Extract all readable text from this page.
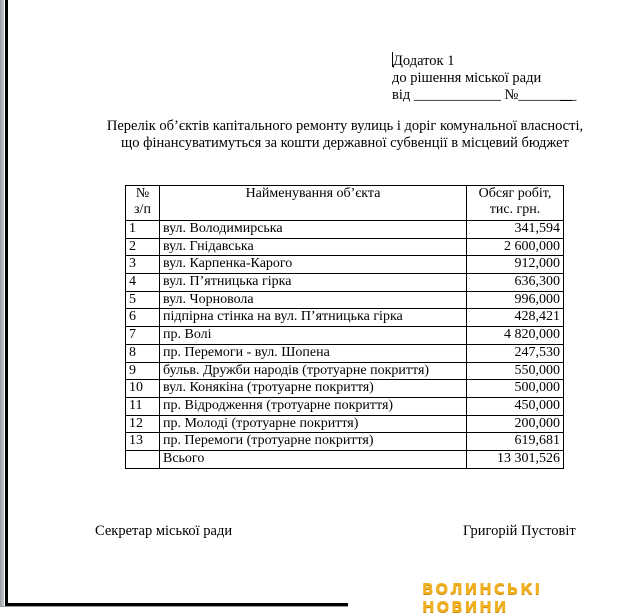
Додаток 1
до рішення міської ради
від ____________ №________
Перелік об’єктів капітального ремонту вулиць і доріг комунальної власності,
що фінансуватимуться за кошти державної субвенції в місцевий бюджет
№
з/п	Найменування об’єкта	Обсяг робіт,
тис. грн.
1	вул. Володимирська	341,594
2	вул. Гнідавська	2 600,000
3	вул. Карпенка-Карого	912,000
4	вул. П’ятницька гірка	636,300
5	вул. Чорновола	996,000
6	підпірна стінка на вул. П’ятницька гірка	428,421
7	пр. Волі	4 820,000
8	пр. Перемоги - вул. Шопена	247,530
9	бульв. Дружби народів (тротуарне покриття)	550,000
10	вул. Конякіна (тротуарне покриття)	500,000
11	пр. Відродження (тротуарне покриття)	450,000
12	пр. Молоді (тротуарне покриття)	200,000
13	пр. Перемоги (тротуарне покриття)	619,681
	Всього	13 301,526
Секретар міської ради	Григорій Пустовіт
ВОЛИНСЬКІ НОВИНИ
